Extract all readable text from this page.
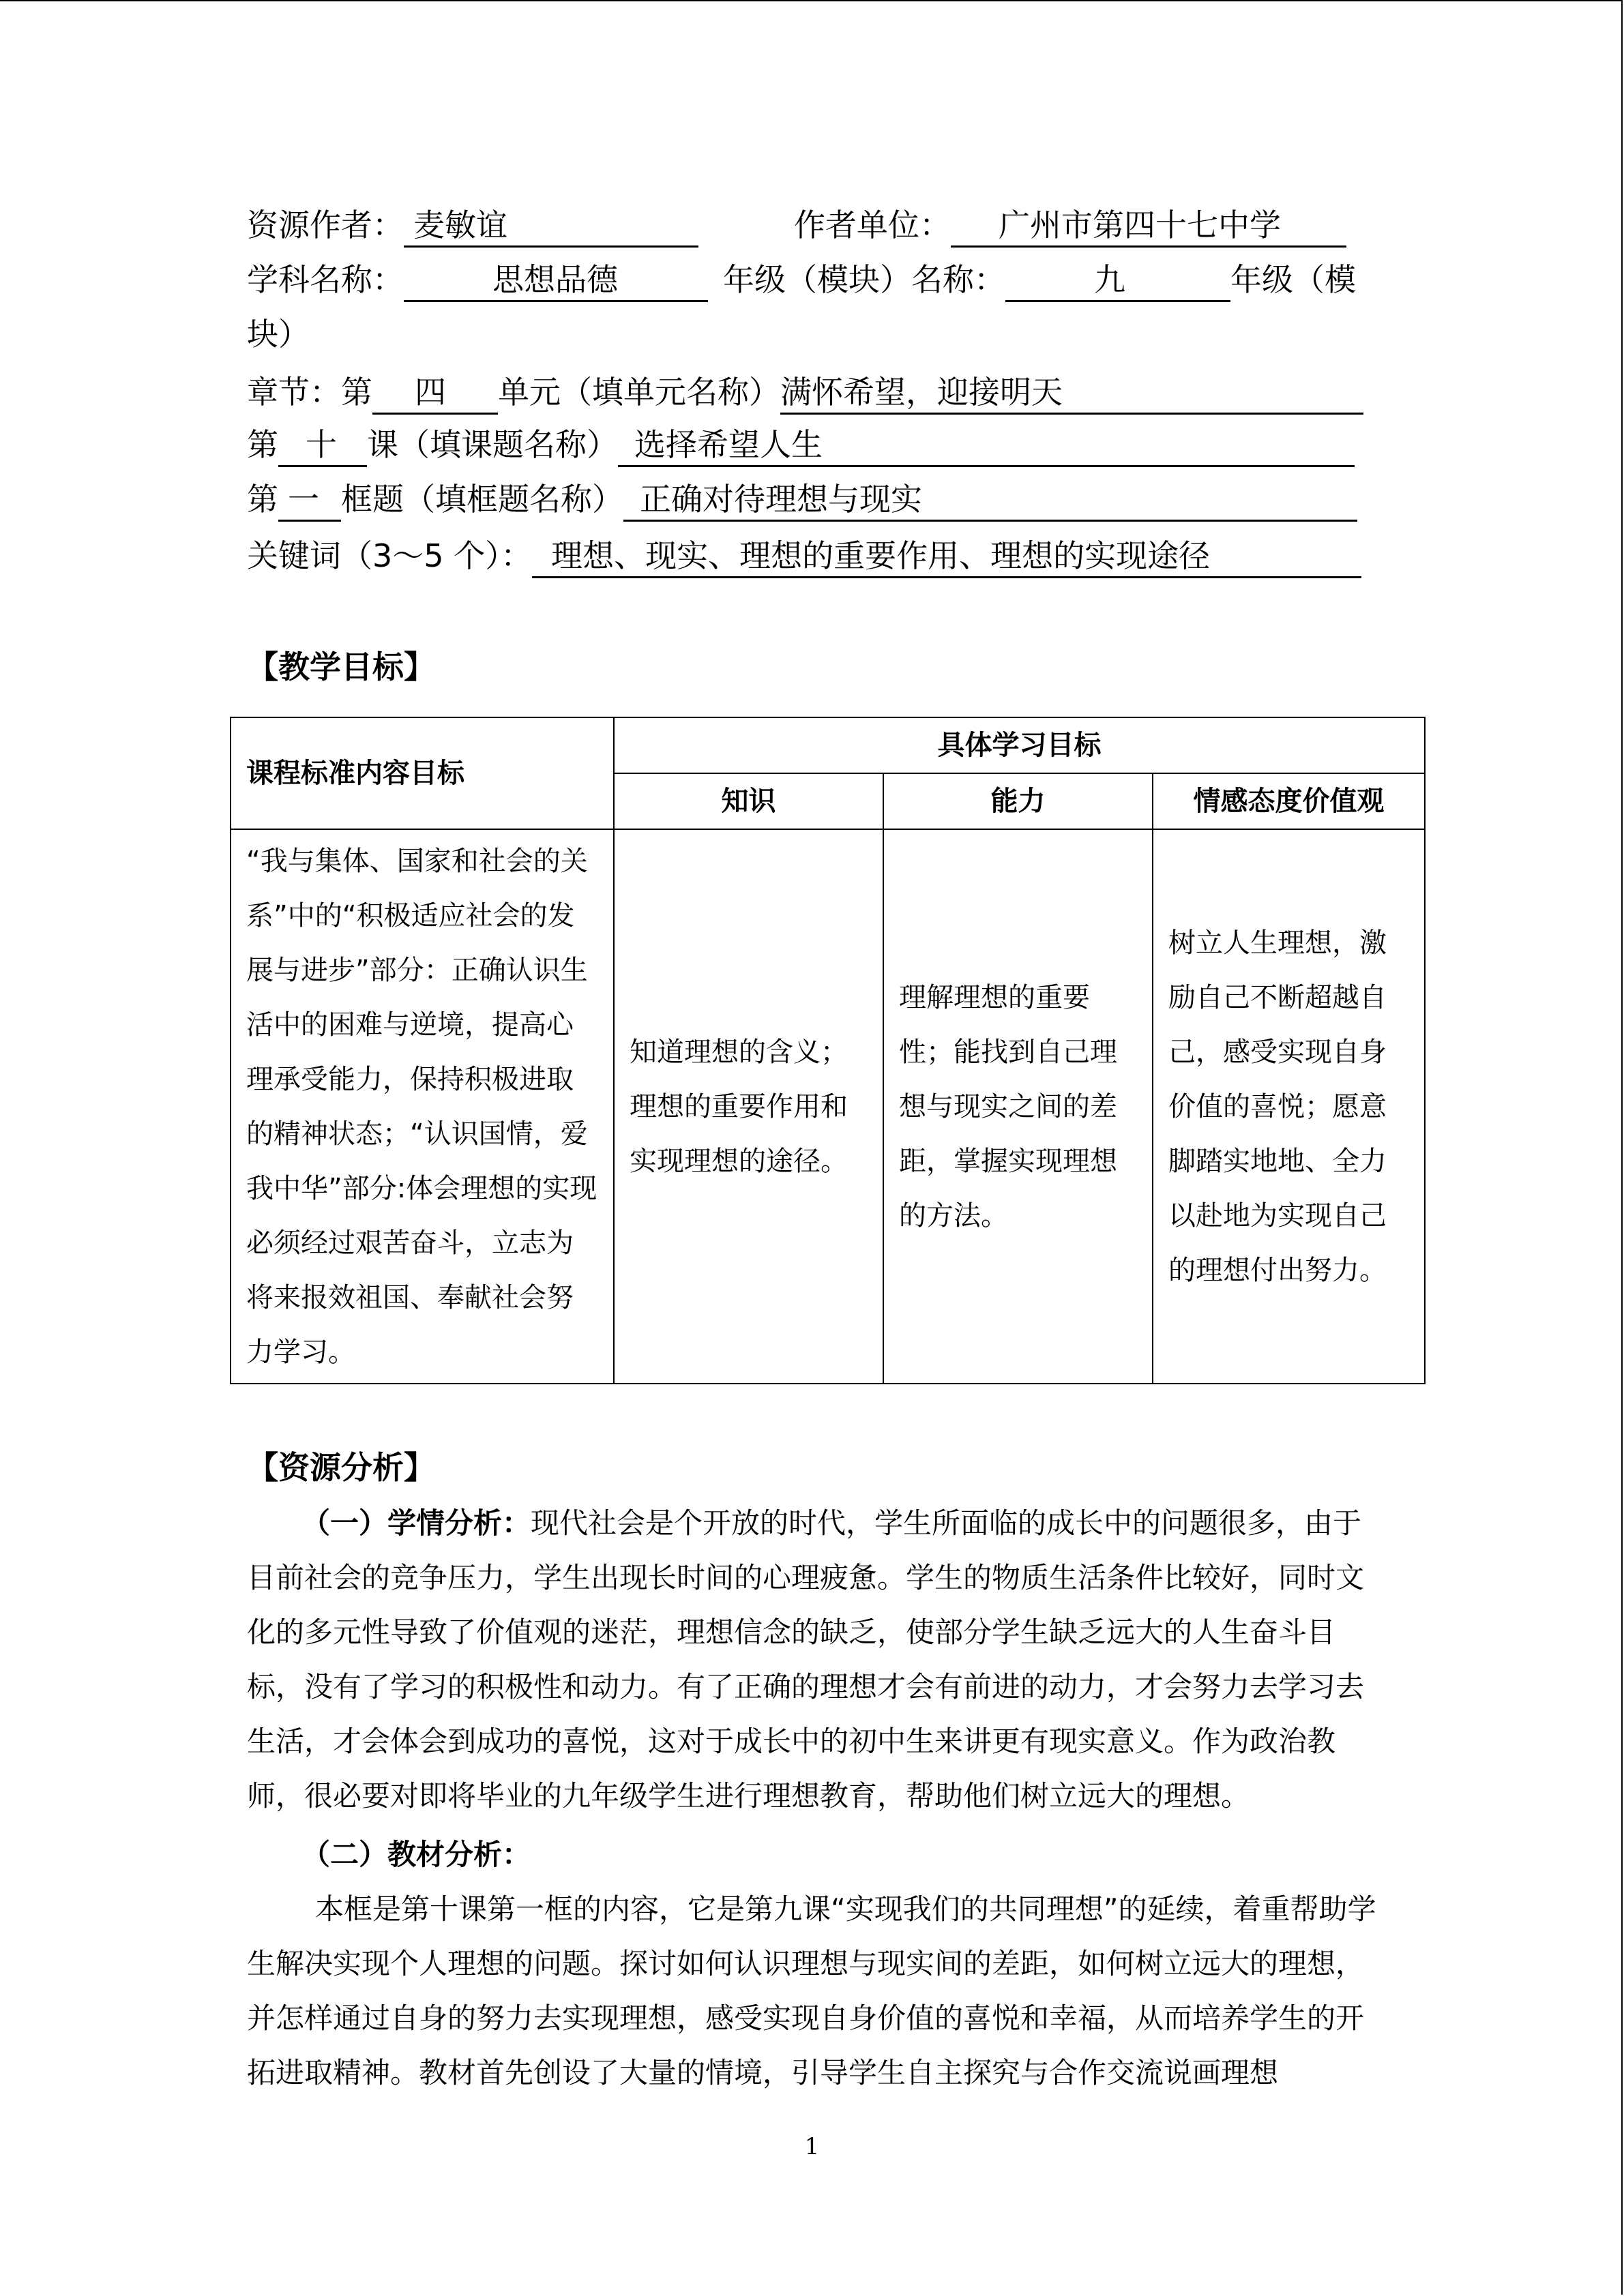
资源作者： 麦敏谊	作者单位： 广州市第四十七中学
学科名称：	思想品德	年级（模块）名称：	九	年级（模
块）
章节：第 四 单元（填单元名称）满怀希望，迎接明天
第 十 课（填课题名称） 选择希望人生
第 一 框题（填框题名称） 正确对待理想与现实
关键词（3～5 个）： 理想、现实、理想的重要作用、理想的实现途径
【教学目标】
课程标准内容目标	具体学习目标		
	知识	能力	情感态度价值观
“我与集体、国家和社会的关系”中的“积极适应社会的发展与进步”部分：正确认识生活中的困难与逆境，提高心理承受能力，保持积极进取的精神状态；“认识国情，爱我中华”部分:体会理想的实现必须经过艰苦奋斗，立志为将来报效祖国、奉献社会努力学习。	知道理想的含义；理想的重要作用和实现理想的途径。	理解理想的重要性；能找到自己理想与现实之间的差距，掌握实现理想的方法。	树立人生理想，激励自己不断超越自己，感受实现自身价值的喜悦；愿意脚踏实地地、全力以赴地为实现自己的理想付出努力。
【资源分析】
（一）学情分析：现代社会是个开放的时代，学生所面临的成长中的问题很多，由于目前社会的竞争压力，学生出现长时间的心理疲惫。学生的物质生活条件比较好，同时文化的多元性导致了价值观的迷茫，理想信念的缺乏，使部分学生缺乏远大的人生奋斗目标，没有了学习的积极性和动力。有了正确的理想才会有前进的动力，才会努力去学习去生活，才会体会到成功的喜悦，这对于成长中的初中生来讲更有现实意义。作为政治教师，很必要对即将毕业的九年级学生进行理想教育，帮助他们树立远大的理想。
（二）教材分析：
本框是第十课第一框的内容，它是第九课“实现我们的共同理想”的延续，着重帮助学生解决实现个人理想的问题。探讨如何认识理想与现实间的差距，如何树立远大的理想，并怎样通过自身的努力去实现理想，感受实现自身价值的喜悦和幸福，从而培养学生的开拓进取精神。教材首先创设了大量的情境，引导学生自主探究与合作交流说画理想
1
